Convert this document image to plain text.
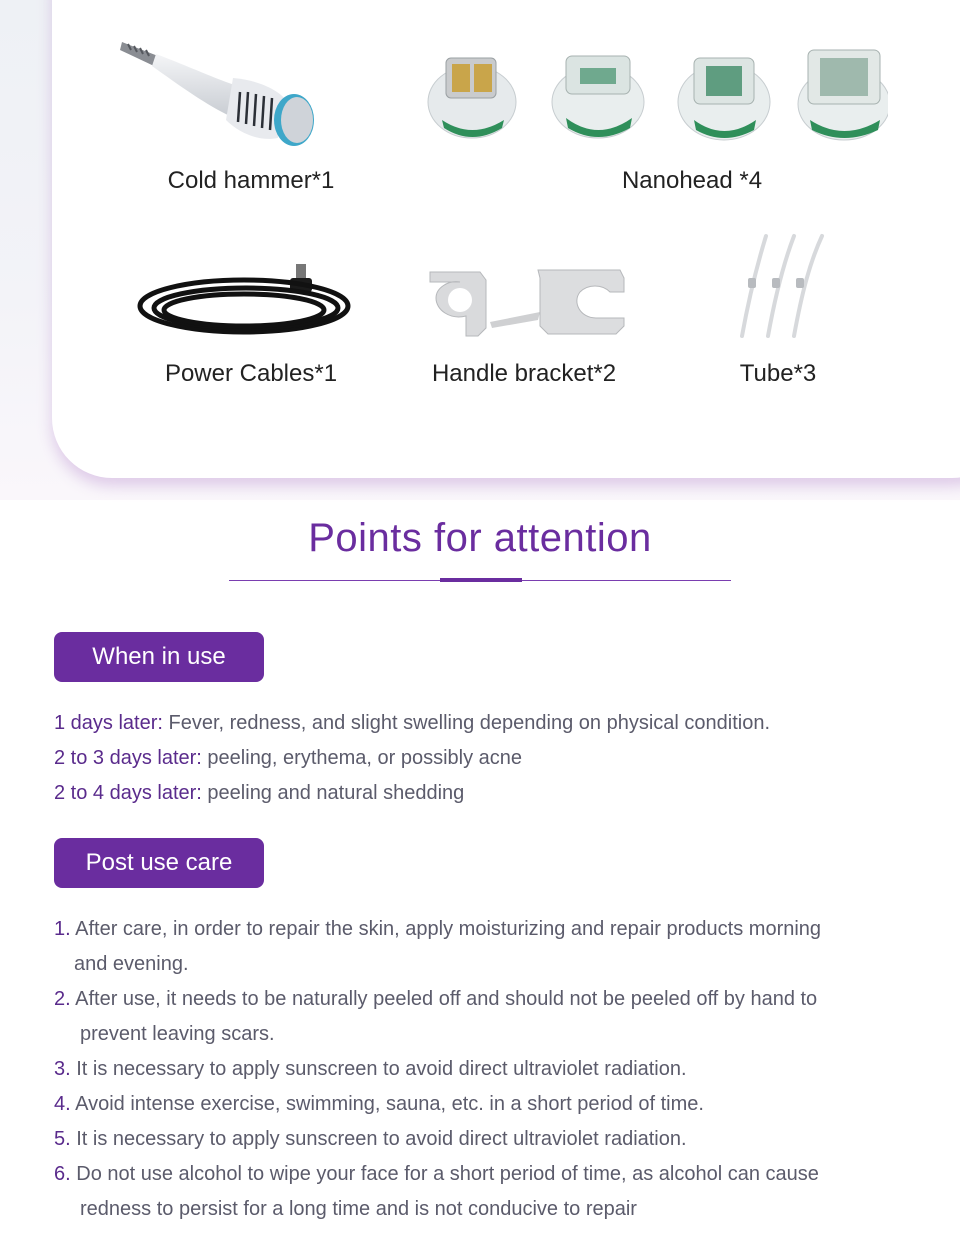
Cold hammer*1	Nanohead *4
Power Cables*1	Handle bracket*2	Tube*3
Points for attention
When in use
1 days later: Fever, redness, and slight swelling depending on physical condition.
2 to 3 days later: peeling, erythema, or possibly acne
2 to 4 days later: peeling and natural shedding
Post use care
1. After care, in order to repair the skin, apply moisturizing and repair products morning
and evening.
2. After use, it needs to be naturally peeled off and should not be peeled off by hand to
prevent leaving scars.
3. It is necessary to apply sunscreen to avoid direct ultraviolet radiation.
4. Avoid intense exercise, swimming, sauna, etc. in a short period of time.
5. It is necessary to apply sunscreen to avoid direct ultraviolet radiation.
6. Do not use alcohol to wipe your face for a short period of time, as alcohol can cause
redness to persist for a long time and is not conducive to repair
